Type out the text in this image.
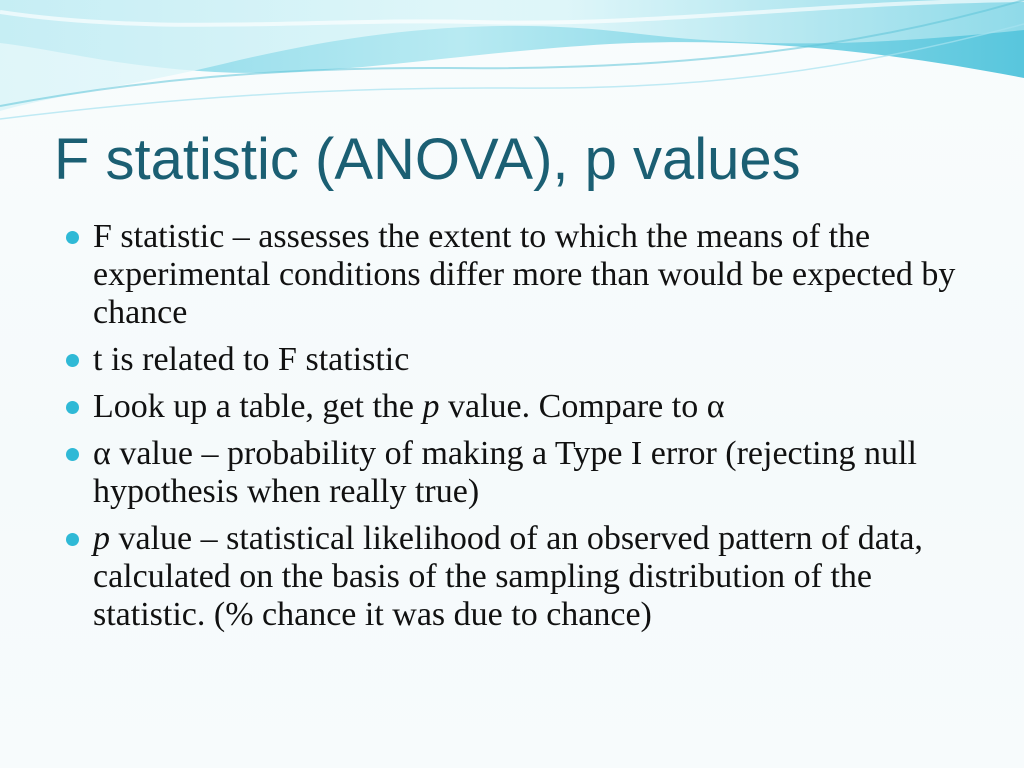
F statistic (ANOVA), p values
F statistic – assesses the extent to which the means of the experimental conditions differ more than would be expected by chance
t is related to F statistic
Look up a table, get the p value. Compare to α
α value – probability of making a Type I error (rejecting null hypothesis when really true)
p value – statistical likelihood of an observed pattern of data, calculated on the basis of the sampling distribution of the statistic. (% chance it was due to chance)
